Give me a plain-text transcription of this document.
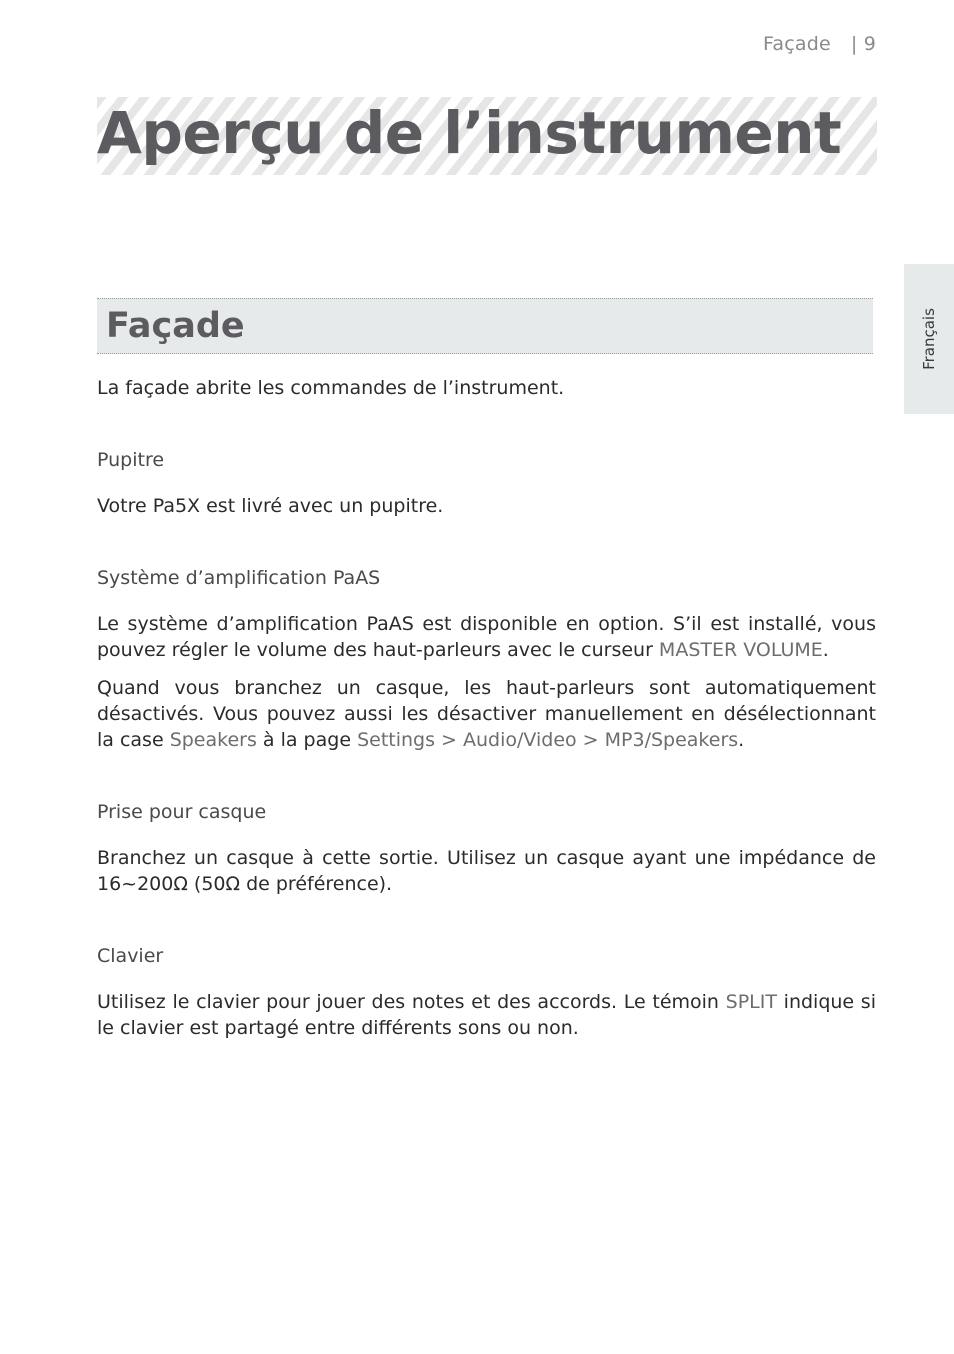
Façade | 9
Aperçu de l’instrument
Français
Façade

La façade abrite les commandes de l’instrument.

Pupitre

Votre Pa5X est livré avec un pupitre.

Système d’amplification PaAS

Le système d’amplification PaAS est disponible en option. S’il est installé, vous pouvez régler le volume des haut-parleurs avec le curseur MASTER VOLUME.

Quand vous branchez un casque, les haut-parleurs sont automatiquement désactivés. Vous pouvez aussi les désactiver manuellement en désélectionnant la case Speakers à la page Settings > Audio/Video > MP3/Speakers.

Prise pour casque

Branchez un casque à cette sortie. Utilisez un casque ayant une impédance de 16~200Ω (50Ω de préférence).

Clavier

Utilisez le clavier pour jouer des notes et des accords. Le témoin SPLIT indique si le clavier est partagé entre différents sons ou non.
